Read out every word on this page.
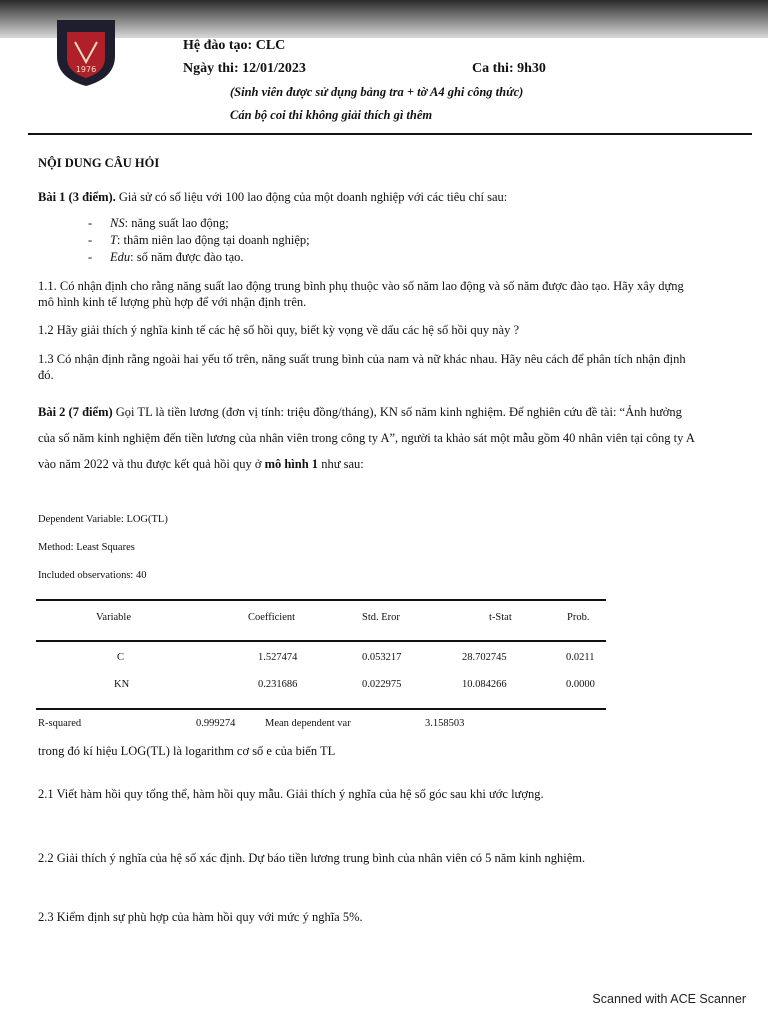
1976
Hệ đào tạo: CLC
Ngày thi: 12/01/2023	Ca thi: 9h30
(Sinh viên được sử dụng bảng tra + tờ A4 ghi công thức)
Cán bộ coi thi không giải thích gì thêm
NỘI DUNG CÂU HỎI
Bài 1 (3 điểm). Giả sử có số liệu với 100 lao động của một doanh nghiệp với các tiêu chí sau:
- NS: năng suất lao động;
- T: thâm niên lao động tại doanh nghiệp;
- Edu: số năm được đào tạo.
1.1. Có nhận định cho rằng năng suất lao động trung bình phụ thuộc vào số năm lao động và số năm được đào tạo. Hãy xây dựng mô hình kinh tế lượng phù hợp để với nhận định trên.
1.2 Hãy giải thích ý nghĩa kinh tế các hệ số hồi quy, biết kỳ vọng về dấu các hệ số hồi quy này ?
1.3 Có nhận định rằng ngoài hai yếu tố trên, năng suất trung bình của nam và nữ khác nhau. Hãy nêu cách để phân tích nhận định đó.
Bài 2 (7 điểm) Gọi TL là tiền lương (đơn vị tính: triệu đồng/tháng), KN số năm kinh nghiệm. Để nghiên cứu đề tài: “Ảnh hưởng của số năm kinh nghiệm đến tiền lương của nhân viên trong công ty A”, người ta khảo sát một mẫu gồm 40 nhân viên tại công ty A vào năm 2022 và thu được kết quả hồi quy ở mô hình 1 như sau:
Dependent Variable: LOG(TL)
Method: Least Squares
Included observations: 40
Variable	Coefficient	Std. Eror	t-Stat	Prob.
C	1.527474	0.053217	28.702745	0.0211
KN	0.231686	0.022975	10.084266	0.0000
R-squared	0.999274	Mean dependent var	3.158503
trong đó kí hiệu LOG(TL) là logarithm cơ số e của biến TL
2.1 Viết hàm hồi quy tổng thể, hàm hồi quy mẫu. Giải thích ý nghĩa của hệ số góc sau khi ước lượng.
2.2 Giải thích ý nghĩa của hệ số xác định. Dự báo tiền lương trung bình của nhân viên có 5 năm kinh nghiệm.
2.3 Kiểm định sự phù hợp của hàm hồi quy với mức ý nghĩa 5%.
Scanned with ACE Scanner
